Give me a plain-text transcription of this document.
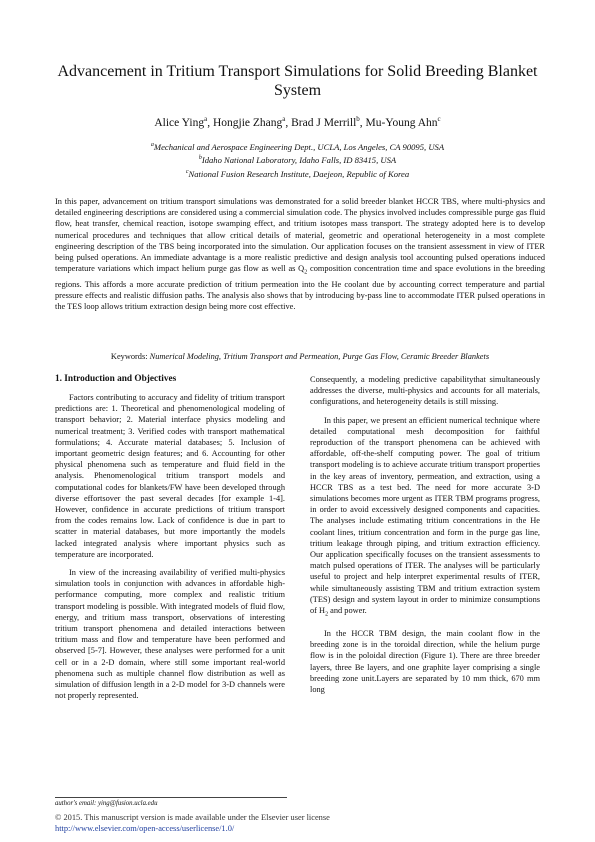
Advancement in Tritium Transport Simulations for Solid Breeding Blanket System
Alice Ying$^a$, Hongjie Zhang$^a$, Brad J Merrill$^b$, Mu-Young Ahn$^c$
$^a$Mechanical and Aerospace Engineering Dept., UCLA, Los Angeles, CA 90095, USA
$^b$Idaho National Laboratory, Idaho Falls, ID 83415, USA
$^c$National Fusion Research Institute, Daejeon, Republic of Korea

In this paper, advancement on tritium transport simulations was demonstrated for a solid breeder blanket HCCR TBS, where multi-physics and detailed engineering descriptions are considered using a commercial simulation code. The physics involved includes compressible purge gas fluid flow, heat transfer, chemical reaction, isotope swamping effect, and tritium isotopes mass transport. The strategy adopted here is to develop numerical procedures and techniques that allow critical details of material, geometric and operational heterogeneity in a most complete engineering description of the TBS being incorporated into the simulation. Our application focuses on the transient assessment in view of ITER being pulsed operations. An immediate advantage is a more realistic predictive and design analysis tool accounting pulsed operations induced temperature variations which impact helium purge gas flow as well as $Q_2$ composition concentration time and space evolutions in the breeding regions. This affords a more accurate prediction of tritium permeation into the He coolant due by accounting correct temperature and partial pressure effects and realistic diffusion paths. The analysis also shows that by introducing by-pass line to accommodate ITER pulsed operations in the TES loop allows tritium extraction design being more cost effective.

Keywords: Numerical Modeling, Tritium Transport and Permeation, Purge Gas Flow, Ceramic Breeder Blankets
1. Introduction and Objectives

Factors contributing to accuracy and fidelity of tritium transport predictions are: 1. Theoretical and phenomenological modeling of transport behavior; 2. Material interface physics modeling and numerical treatment; 3. Verified codes with transport mathematical formulations; 4. Accurate material databases; 5. Inclusion of important geometric design features; and 6. Accounting for other physical phenomena such as temperature and fluid field in the analysis. Phenomenological tritium transport models and computational codes for blankets/FW have been developed through diverse effortsover the past several decades [for example 1-4]. However, confidence in accurate predictions of tritium transport from the codes remains low. Lack of confidence is due in part to scatter in material databases, but more importantly the models lacked integrated analysis where important physics such as temperature are incorporated.

In view of the increasing availability of verified multi-physics simulation tools in conjunction with advances in affordable high-performance computing, more complex and realistic tritium transport modeling is possible. With integrated models of fluid flow, energy, and tritium mass transport, observations of interesting tritium transport phenomena and detailed interactions between tritium mass and flow and temperature have been performed and observed [5-7]. However, these analyses were performed for a unit cell or in a 2-D domain, where still some important real-world phenomena such as multiple channel flow distribution as well as simulation of diffusion length in a 2-D model for 3-D channels were not properly represented.

Consequently, a modeling predictive capabilitythat simultaneously addresses the diverse, multi-physics and accounts for all materials, configurations, and heterogeneity details is still missing.

In this paper, we present an efficient numerical technique where detailed computational mesh decomposition for faithful reproduction of the transport phenomena can be achieved with affordable, off-the-shelf computing power. The goal of tritium transport modeling is to achieve accurate tritium transport properties in the key areas of inventory, permeation, and extraction, using a HCCR TBS as a test bed. The need for more accurate 3-D simulations becomes more urgent as ITER TBM programs progress, in order to avoid excessively designed components and capacities. The analyses include estimating tritium concentrations in the He coolant lines, tritium concentration and form in the purge gas line, tritium leakage through piping, and tritium extraction efficiency. Our application specifically focuses on the transient assessments to match pulsed operations of ITER. The analyses will be particularly useful to project and help interpret experimental results of ITER, while simultaneously assisting TBM and tritium extraction system (TES) design and system layout in order to minimize consumptions of $H_2$ and power.

In the HCCR TBM design, the main coolant flow in the breeding zone is in the toroidal direction, while the helium purge flow is in the poloidal direction (Figure 1). There are three breeder layers, three Be layers, and one graphite layer comprising a single breeding zone unit.Layers are separated by 10 mm thick, 670 mm long

author's email: ying@fusion.ucla.edu
© 2015. This manuscript version is made available under the Elsevier user license
http://www.elsevier.com/open-access/userlicense/1.0/
